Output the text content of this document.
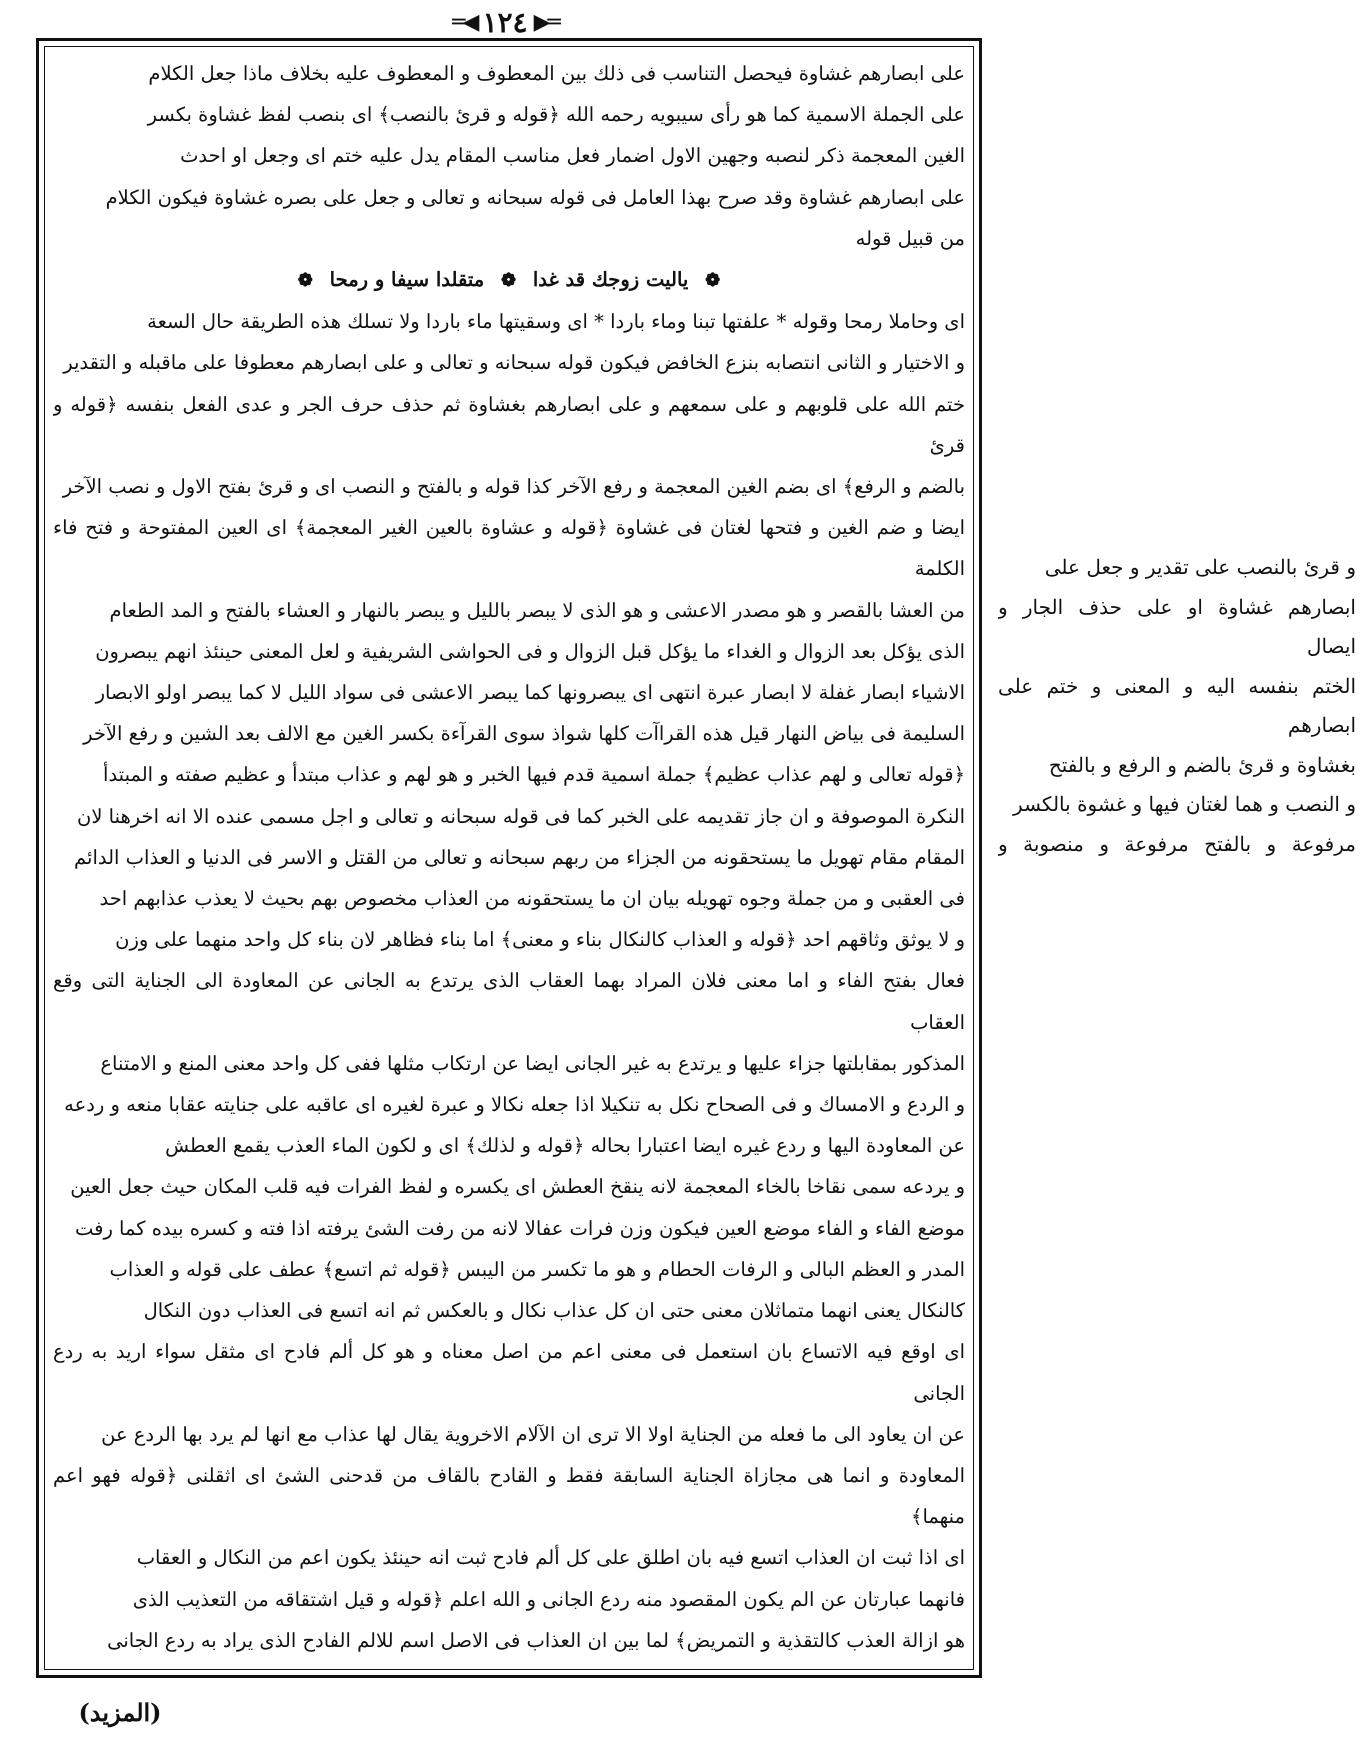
═▶
١٢٤
◀═

على ابصارهم غشاوة فيحصل التناسب فى ذلك بين المعطوف و المعطوف عليه بخلاف ماذا جعل الكلام

على الجملة الاسمية كما هو رأى سيبويه رحمه الله ﴿قوله و قرئ بالنصب﴾ اى بنصب لفظ غشاوة بكسر

الغين المعجمة ذكر لنصبه وجهين الاول اضمار فعل مناسب المقام يدل عليه ختم اى وجعل او احدث

على ابصارهم غشاوة وقد صرح بهذا العامل فى قوله سبحانه و تعالى و جعل على بصره غشاوة فيكون الكلام

من قبيل قوله

❁ ياليت زوجك قد غدا ❁ متقلدا سيفا و رمحا ❁

اى وحاملا رمحا وقوله * علفتها تبنا وماء باردا * اى وسقيتها ماء باردا ولا تسلك هذه الطريقة حال السعة

و الاختيار و الثانى انتصابه بنزع الخافض فيكون قوله سبحانه و تعالى و على ابصارهم معطوفا على ماقبله و التقدير

ختم الله على قلوبهم و على سمعهم و على ابصارهم بغشاوة ثم حذف حرف الجر و عدى الفعل بنفسه ﴿قوله و قرئ

بالضم و الرفع﴾ اى بضم الغين المعجمة و رفع الآخر كذا قوله و بالفتح و النصب اى و قرئ بفتح الاول و نصب الآخر

ايضا و ضم الغين و فتحها لغتان فى غشاوة ﴿قوله و عشاوة بالعين الغير المعجمة﴾ اى العين المفتوحة و فتح فاء الكلمة

من العشا بالقصر و هو مصدر الاعشى و هو الذى لا يبصر بالليل و يبصر بالنهار و العشاء بالفتح و المد الطعام

الذى يؤكل بعد الزوال و الغداء ما يؤكل قبل الزوال و فى الحواشى الشريفية و لعل المعنى حينئذ انهم يبصرون

الاشياء ابصار غفلة لا ابصار عبرة انتهى اى يبصرونها كما يبصر الاعشى فى سواد الليل لا كما يبصر اولو الابصار

السليمة فى بياض النهار قيل هذه القراآت كلها شواذ سوى القرآءة بكسر الغين مع الالف بعد الشين و رفع الآخر

﴿قوله تعالى و لهم عذاب عظيم﴾ جملة اسمية قدم فيها الخبر و هو لهم و عذاب مبتدأ و عظيم صفته و المبتدأ

النكرة الموصوفة و ان جاز تقديمه على الخبر كما فى قوله سبحانه و تعالى و اجل مسمى عنده الا انه اخرهنا لان

المقام مقام تهويل ما يستحقونه من الجزاء من ربهم سبحانه و تعالى من القتل و الاسر فى الدنيا و العذاب الدائم

فى العقبى و من جملة وجوه تهويله بيان ان ما يستحقونه من العذاب مخصوص بهم بحيث لا يعذب عذابهم احد

و لا يوثق وثاقهم احد ﴿قوله و العذاب كالنكال بناء و معنى﴾ اما بناء فظاهر لان بناء كل واحد منهما على وزن

فعال بفتح الفاء و اما معنى فلان المراد بهما العقاب الذى يرتدع به الجانى عن المعاودة الى الجناية التى وقع العقاب

المذكور بمقابلتها جزاء عليها و يرتدع به غير الجانى ايضا عن ارتكاب مثلها ففى كل واحد معنى المنع و الامتناع

و الردع و الامساك و فى الصحاح نكل به تنكيلا اذا جعله نكالا و عبرة لغيره اى عاقبه على جنايته عقابا منعه و ردعه

عن المعاودة اليها و ردع غيره ايضا اعتبارا بحاله ﴿قوله و لذلك﴾ اى و لكون الماء العذب يقمع العطش

و يردعه سمى نقاخا بالخاء المعجمة لانه ينقخ العطش اى يكسره و لفظ الفرات فيه قلب المكان حيث جعل العين

موضع الفاء و الفاء موضع العين فيكون وزن فرات عفالا لانه من رفت الشئ يرفته اذا فته و كسره بيده كما رفت

المدر و العظم البالى و الرفات الحطام و هو ما تكسر من اليبس ﴿قوله ثم اتسع﴾ عطف على قوله و العذاب

كالنكال يعنى انهما متماثلان معنى حتى ان كل عذاب نكال و بالعكس ثم انه اتسع فى العذاب دون النكال

اى اوقع فيه الاتساع بان استعمل فى معنى اعم من اصل معناه و هو كل ألم فادح اى مثقل سواء اريد به ردع الجانى

عن ان يعاود الى ما فعله من الجناية اولا الا ترى ان الآلام الاخروية يقال لها عذاب مع انها لم يرد بها الردع عن

المعاودة و انما هى مجازاة الجناية السابقة فقط و القادح بالقاف من قدحنى الشئ اى اثقلنى ﴿قوله فهو اعم منهما﴾

اى اذا ثبت ان العذاب اتسع فيه بان اطلق على كل ألم فادح ثبت انه حينئذ يكون اعم من النكال و العقاب

فانهما عبارتان عن الم يكون المقصود منه ردع الجانى و الله اعلم ﴿قوله و قيل اشتقاقه من التعذيب الذى

هو ازالة العذب كالتقذية و التمريض﴾ لما بين ان العذاب فى الاصل اسم للالم الفادح الذى يراد به ردع الجانى

و قرئ بالنصب على تقدير و جعل على

ابصارهم غشاوة او على حذف الجار و ايصال

الختم بنفسه اليه و المعنى و ختم على ابصارهم

بغشاوة و قرئ بالضم و الرفع و بالفتح

و النصب و هما لغتان فيها و غشوة بالكسر

مرفوعة و بالفتح مرفوعة و منصوبة و

(المزيد)
